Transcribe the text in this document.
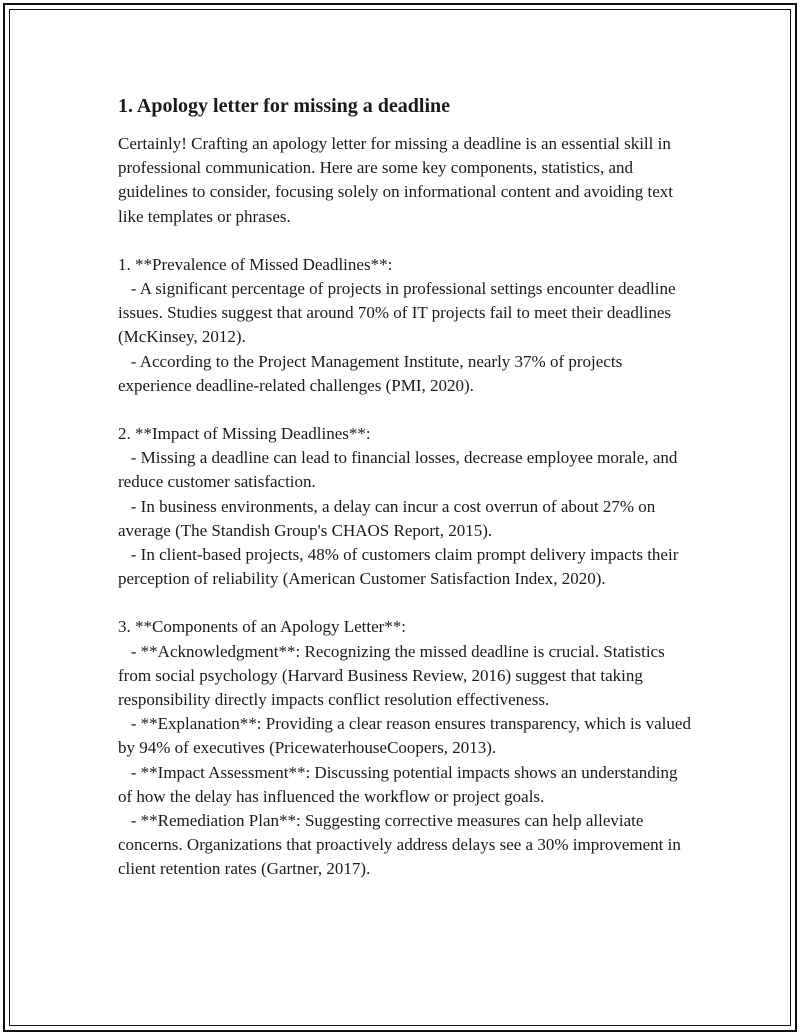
1. Apology letter for missing a deadline

Certainly! Crafting an apology letter for missing a deadline is an essential skill in professional communication. Here are some key components, statistics, and guidelines to consider, focusing solely on informational content and avoiding text like templates or phrases.

1. **Prevalence of Missed Deadlines**:

- A significant percentage of projects in professional settings encounter deadline issues. Studies suggest that around 70% of IT projects fail to meet their deadlines (McKinsey, 2012).

- According to the Project Management Institute, nearly 37% of projects experience deadline-related challenges (PMI, 2020).

2. **Impact of Missing Deadlines**:

- Missing a deadline can lead to financial losses, decrease employee morale, and reduce customer satisfaction.

- In business environments, a delay can incur a cost overrun of about 27% on average (The Standish Group's CHAOS Report, 2015).

- In client-based projects, 48% of customers claim prompt delivery impacts their perception of reliability (American Customer Satisfaction Index, 2020).

3. **Components of an Apology Letter**:

- **Acknowledgment**: Recognizing the missed deadline is crucial. Statistics from social psychology (Harvard Business Review, 2016) suggest that taking responsibility directly impacts conflict resolution effectiveness.

- **Explanation**: Providing a clear reason ensures transparency, which is valued by 94% of executives (PricewaterhouseCoopers, 2013).

- **Impact Assessment**: Discussing potential impacts shows an understanding of how the delay has influenced the workflow or project goals.

- **Remediation Plan**: Suggesting corrective measures can help alleviate concerns. Organizations that proactively address delays see a 30% improvement in client retention rates (Gartner, 2017).
